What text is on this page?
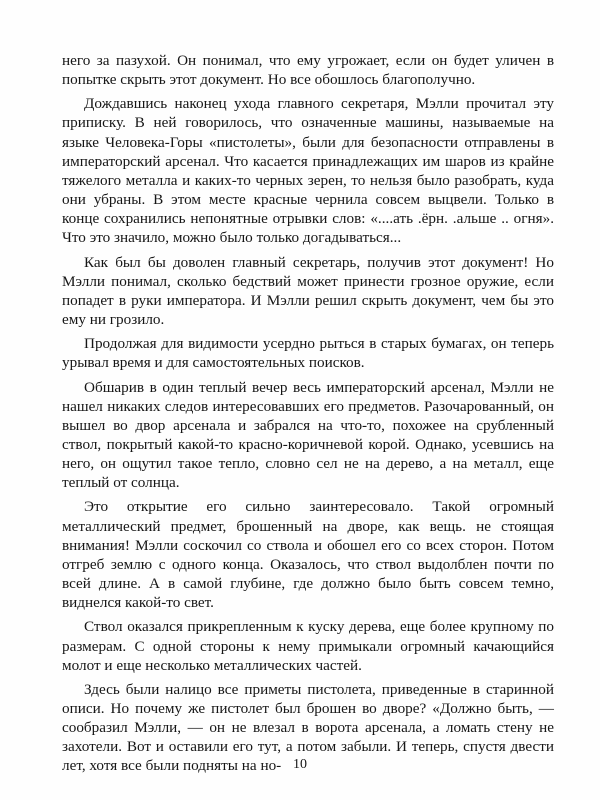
него за пазухой. Он понимал, что ему угрожает, если он будет уличен в попытке скрыть этот документ. Но все обошлось благополучно.

Дождавшись наконец ухода главного секретаря, Мэлли прочитал эту приписку. В ней говорилось, что означенные машины, называемые на языке Человека-Горы «пистолеты», были для безопасности отправлены в императорский арсенал. Что касается принадлежащих им шаров из крайне тяжелого металла и каких-то черных зерен, то нельзя было разобрать, куда они убраны. В этом месте красные чернила совсем выцвели. Только в конце сохранились непонятные отрывки слов: «....ать .ёрн. .альше .. огня». Что это значило, можно было только догадываться...

Как был бы доволен главный секретарь, получив этот документ! Но Мэлли понимал, сколько бедствий может принести грозное оружие, если попадет в руки императора. И Мэлли решил скрыть документ, чем бы это ему ни грозило.

Продолжая для видимости усердно рыться в старых бумагах, он теперь урывал время и для самостоятельных поисков.

Обшарив в один теплый вечер весь императорский арсенал, Мэлли не нашел никаких следов интересовавших его предметов. Разочарованный, он вышел во двор арсенала и забрался на что-то, похожее на срубленный ствол, покрытый какой-то красно-коричневой корой. Однако, усевшись на него, он ощутил такое тепло, словно сел не на дерево, а на металл, еще теплый от солнца.

Это открытие его сильно заинтересовало. Такой огромный металлический предмет, брошенный на дворе, как вещь. не стоящая внимания! Мэлли соскочил со ствола и обошел его со всех сторон. Потом отгреб землю с одного конца. Оказалось, что ствол выдолблен почти по всей длине. А в самой глубине, где должно было быть совсем темно, виднелся какой-то свет.

Ствол оказался прикрепленным к куску дерева, еще более крупному по размерам. С одной стороны к нему примыкали огромный качающийся молот и еще несколько металлических частей.

Здесь были налицо все приметы пистолета, приведенные в старинной описи. Но почему же пистолет был брошен во дворе? «Должно быть, — сообразил Мэлли, — он не влезал в ворота арсенала, а ломать стену не захотели. Вот и оставили его тут, а потом забыли. И теперь, спустя двести лет, хотя все были подняты на но- 10
